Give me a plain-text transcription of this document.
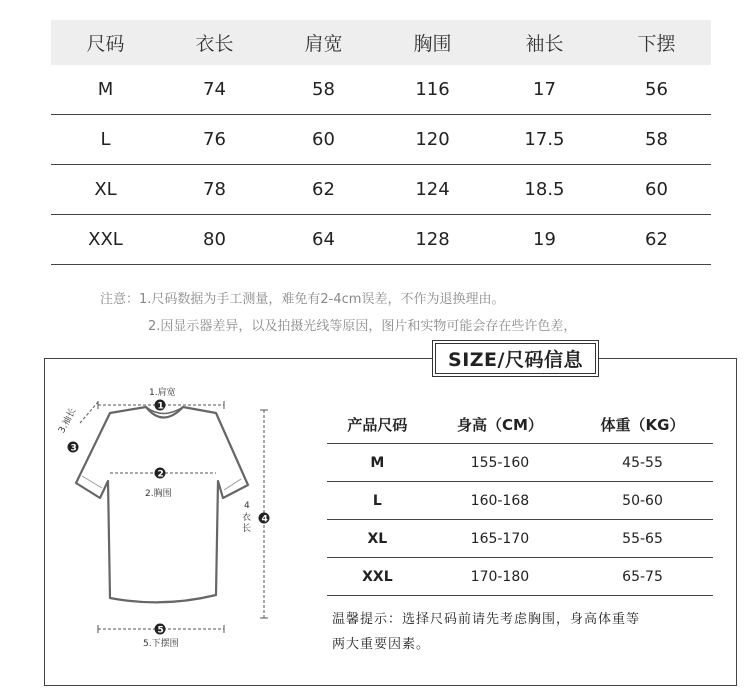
尺码	衣长	肩宽	胸围	袖长	下摆
M	74	58	116	17	56
L	76	60	120	17.5	58
XL	78	62	124	18.5	60
XXL	80	64	128	19	62
注意：1.尺码数据为手工测量，难免有2-4cm误差，不作为退换理由。
2.因显示器差异，以及拍摄光线等原因，图片和实物可能会存在些许色差，
SIZE/尺码信息
1.肩宽
1
2
2.胸围
3.袖长
3
4
4
衣
长
5
5.下摆围
产品尺码	身高（CM）	体重（KG）
M	155-160	45-55
L	160-168	50-60
XL	165-170	55-65
XXL	170-180	65-75
温馨提示：选择尺码前请先考虑胸围，身高体重等
两大重要因素。
